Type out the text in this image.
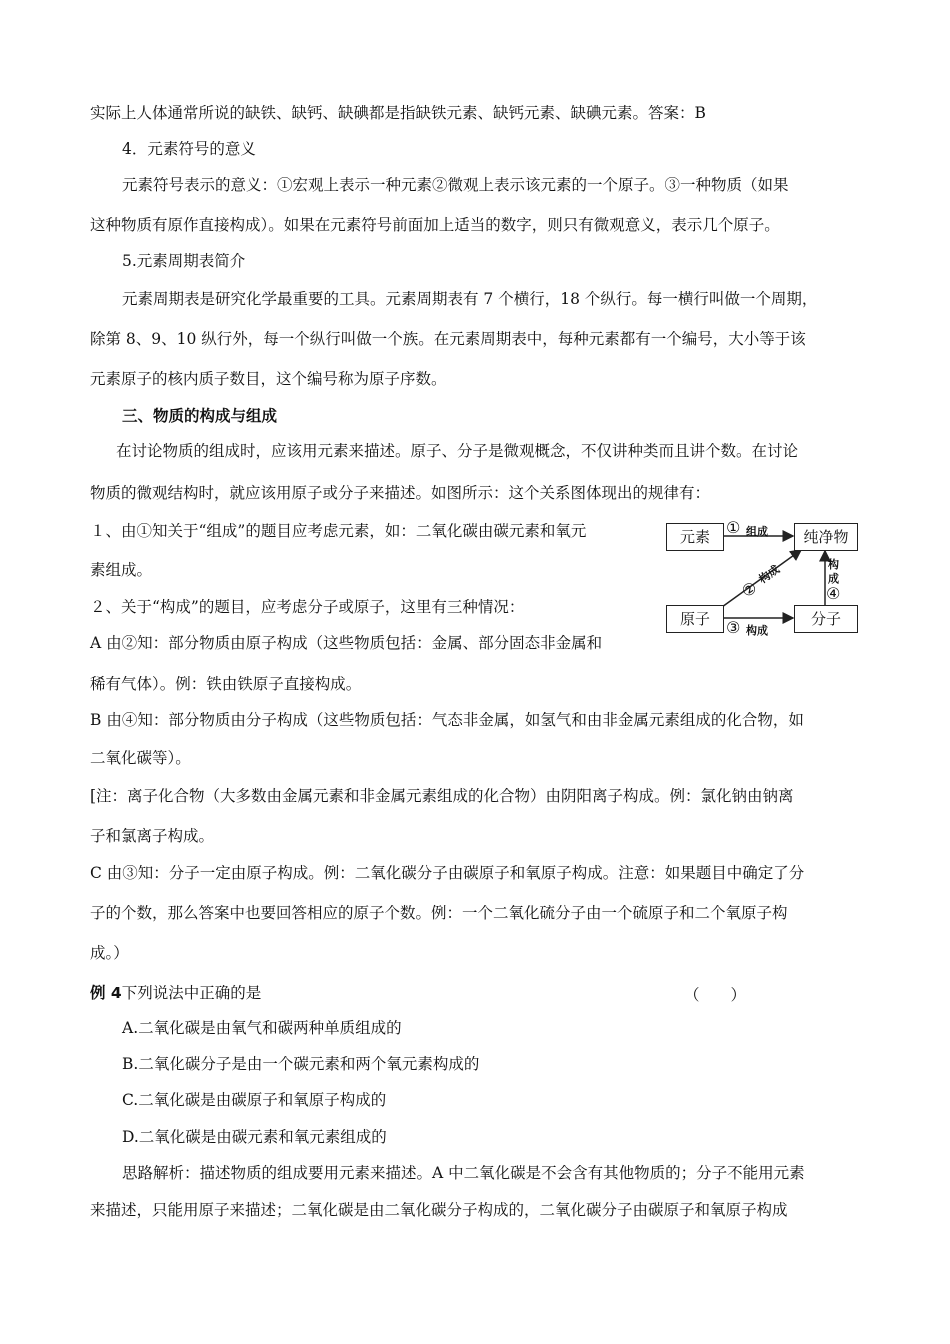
实际上人体通常所说的缺铁、缺钙、缺碘都是指缺铁元素、缺钙元素、缺碘元素。答案：B

4．元素符号的意义

元素符号表示的意义：①宏观上表示一种元素②微观上表示该元素的一个原子。③一种物质（如果

这种物质有原作直接构成）。如果在元素符号前面加上适当的数字，则只有微观意义，表示几个原子。

5.元素周期表简介

元素周期表是研究化学最重要的工具。元素周期表有 7 个横行，18 个纵行。每一横行叫做一个周期，

除第 8、9、10 纵行外，每一个纵行叫做一个族。在元素周期表中，每种元素都有一个编号，大小等于该

元素原子的核内质子数目，这个编号称为原子序数。

三、物质的构成与组成

在讨论物质的组成时，应该用元素来描述。原子、分子是微观概念，不仅讲种类而且讲个数。在讨论

物质的微观结构时，就应该用原子或分子来描述。如图所示：这个关系图体现出的规律有：

１、由①知关于“组成”的题目应考虑元素，如：二氧化碳由碳元素和氧元

素组成。

２、关于“构成”的题目，应考虑分子或原子，这里有三种情况：

A 由②知：部分物质由原子构成（这些物质包括：金属、部分固态非金属和

稀有气体）。例：铁由铁原子直接构成。

B 由④知：部分物质由分子构成（这些物质包括：气态非金属，如氢气和由非金属元素组成的化合物，如

二氧化碳等）。

[注：离子化合物（大多数由金属元素和非金属元素组成的化合物）由阴阳离子构成。例：氯化钠由钠离

子和氯离子构成。

C 由③知：分子一定由原子构成。例：二氧化碳分子由碳原子和氧原子构成。注意：如果题目中确定了分

子的个数，那么答案中也要回答相应的原子个数。例：一个二氧化硫分子由一个硫原子和二个氧原子构

成。）

例 4下列说法中正确的是	（　　）

A.二氧化碳是由氧气和碳两种单质组成的

B.二氧化碳分子是由一个碳元素和两个氧元素构成的

C.二氧化碳是由碳原子和氧原子构成的

D.二氧化碳是由碳元素和氧元素组成的

思路解析：描述物质的组成要用元素来描述。A 中二氧化碳是不会含有其他物质的；分子不能用元素

来描述，只能用原子来描述；二氧化碳是由二氧化碳分子构成的，二氧化碳分子由碳原子和氧原子构成

元素	纯净物
原子	分子
① 组成
③ 构成
②
构成	构
成
④
